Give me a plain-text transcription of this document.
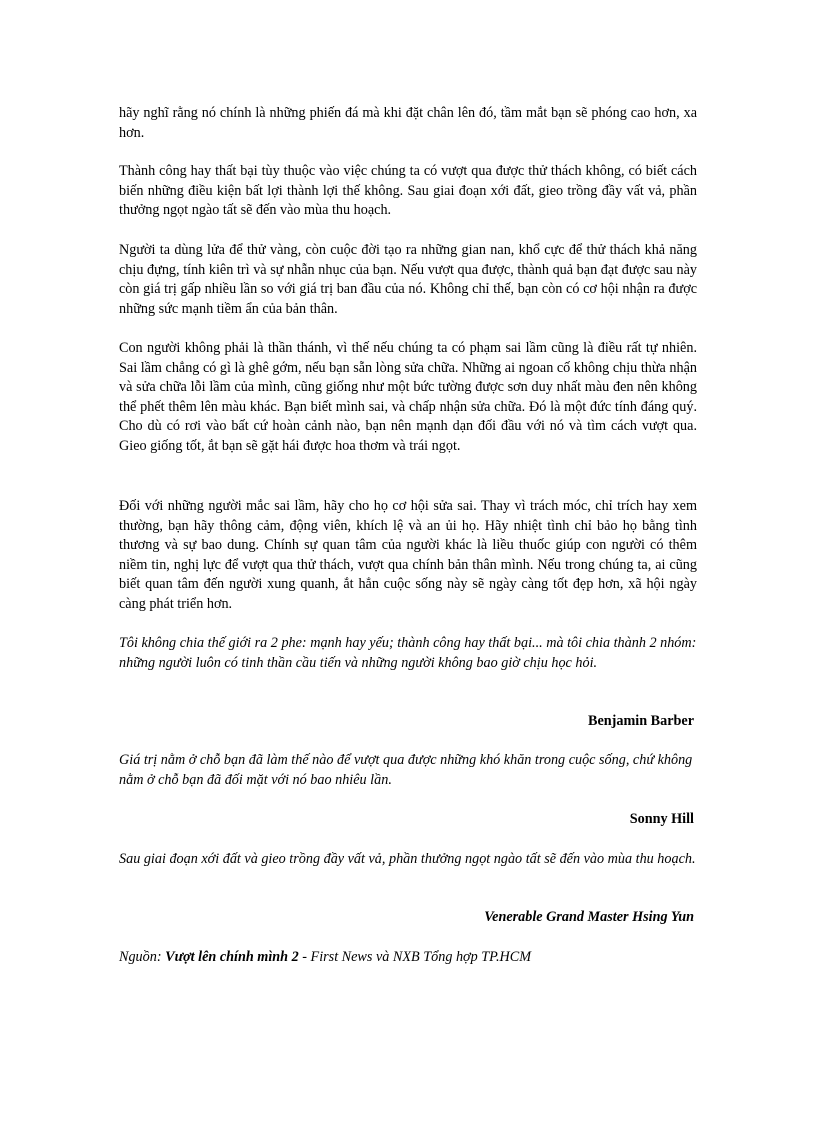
hãy nghĩ rằng nó chính là những phiến đá mà khi đặt chân lên đó, tầm mắt bạn sẽ phóng cao hơn, xa hơn.

Thành công hay thất bại tùy thuộc vào việc chúng ta có vượt qua được thử thách không, có biết cách biến những điều kiện bất lợi thành lợi thế không. Sau giai đoạn xới đất, gieo trồng đầy vất vả, phần thưởng ngọt ngào tất sẽ đến vào mùa thu hoạch.

Người ta dùng lửa để thử vàng, còn cuộc đời tạo ra những gian nan, khổ cực để thử thách khả năng chịu đựng, tính kiên trì và sự nhẫn nhục của bạn. Nếu vượt qua được, thành quả bạn đạt được sau này còn giá trị gấp nhiều lần so với giá trị ban đầu của nó. Không chỉ thế, bạn còn có cơ hội nhận ra được những sức mạnh tiềm ẩn của bản thân.

Con người không phải là thần thánh, vì thế nếu chúng ta có phạm sai lầm cũng là điều rất tự nhiên. Sai lầm chẳng có gì là ghê gớm, nếu bạn sẵn lòng sửa chữa. Những ai ngoan cố không chịu thừa nhận và sửa chữa lỗi lầm của mình, cũng giống như một bức tường được sơn duy nhất màu đen nên không thể phết thêm lên màu khác. Bạn biết mình sai, và chấp nhận sửa chữa. Đó là một đức tính đáng quý. Cho dù có rơi vào bất cứ hoàn cảnh nào, bạn nên mạnh dạn đối đầu với nó và tìm cách vượt qua. Gieo giống tốt, ắt bạn sẽ gặt hái được hoa thơm và trái ngọt.

Đối với những người mắc sai lầm, hãy cho họ cơ hội sửa sai. Thay vì trách móc, chỉ trích hay xem thường, bạn hãy thông cảm, động viên, khích lệ và an ủi họ. Hãy nhiệt tình chỉ bảo họ bằng tình thương và sự bao dung. Chính sự quan tâm của người khác là liều thuốc giúp con người có thêm niềm tin, nghị lực để vượt qua thử thách, vượt qua chính bản thân mình. Nếu trong chúng ta, ai cũng biết quan tâm đến người xung quanh, ắt hẳn cuộc sống này sẽ ngày càng tốt đẹp hơn, xã hội ngày càng phát triển hơn.

Tôi không chia thế giới ra 2 phe: mạnh hay yếu; thành công hay thất bại... mà tôi chia thành 2 nhóm: những người luôn có tinh thần cầu tiến và những người không bao giờ chịu học hỏi.

Benjamin Barber

Giá trị nằm ở chỗ bạn đã làm thế nào để vượt qua được những khó khăn trong cuộc sống, chứ không nằm ở chỗ bạn đã đối mặt với nó bao nhiêu lần.

Sonny Hill

Sau giai đoạn xới đất và gieo trồng đầy vất vả, phần thưởng ngọt ngào tất sẽ đến vào mùa thu hoạch.

Venerable Grand Master Hsing Yun

Nguồn: Vượt lên chính mình 2 - First News và NXB Tổng hợp TP.HCM
